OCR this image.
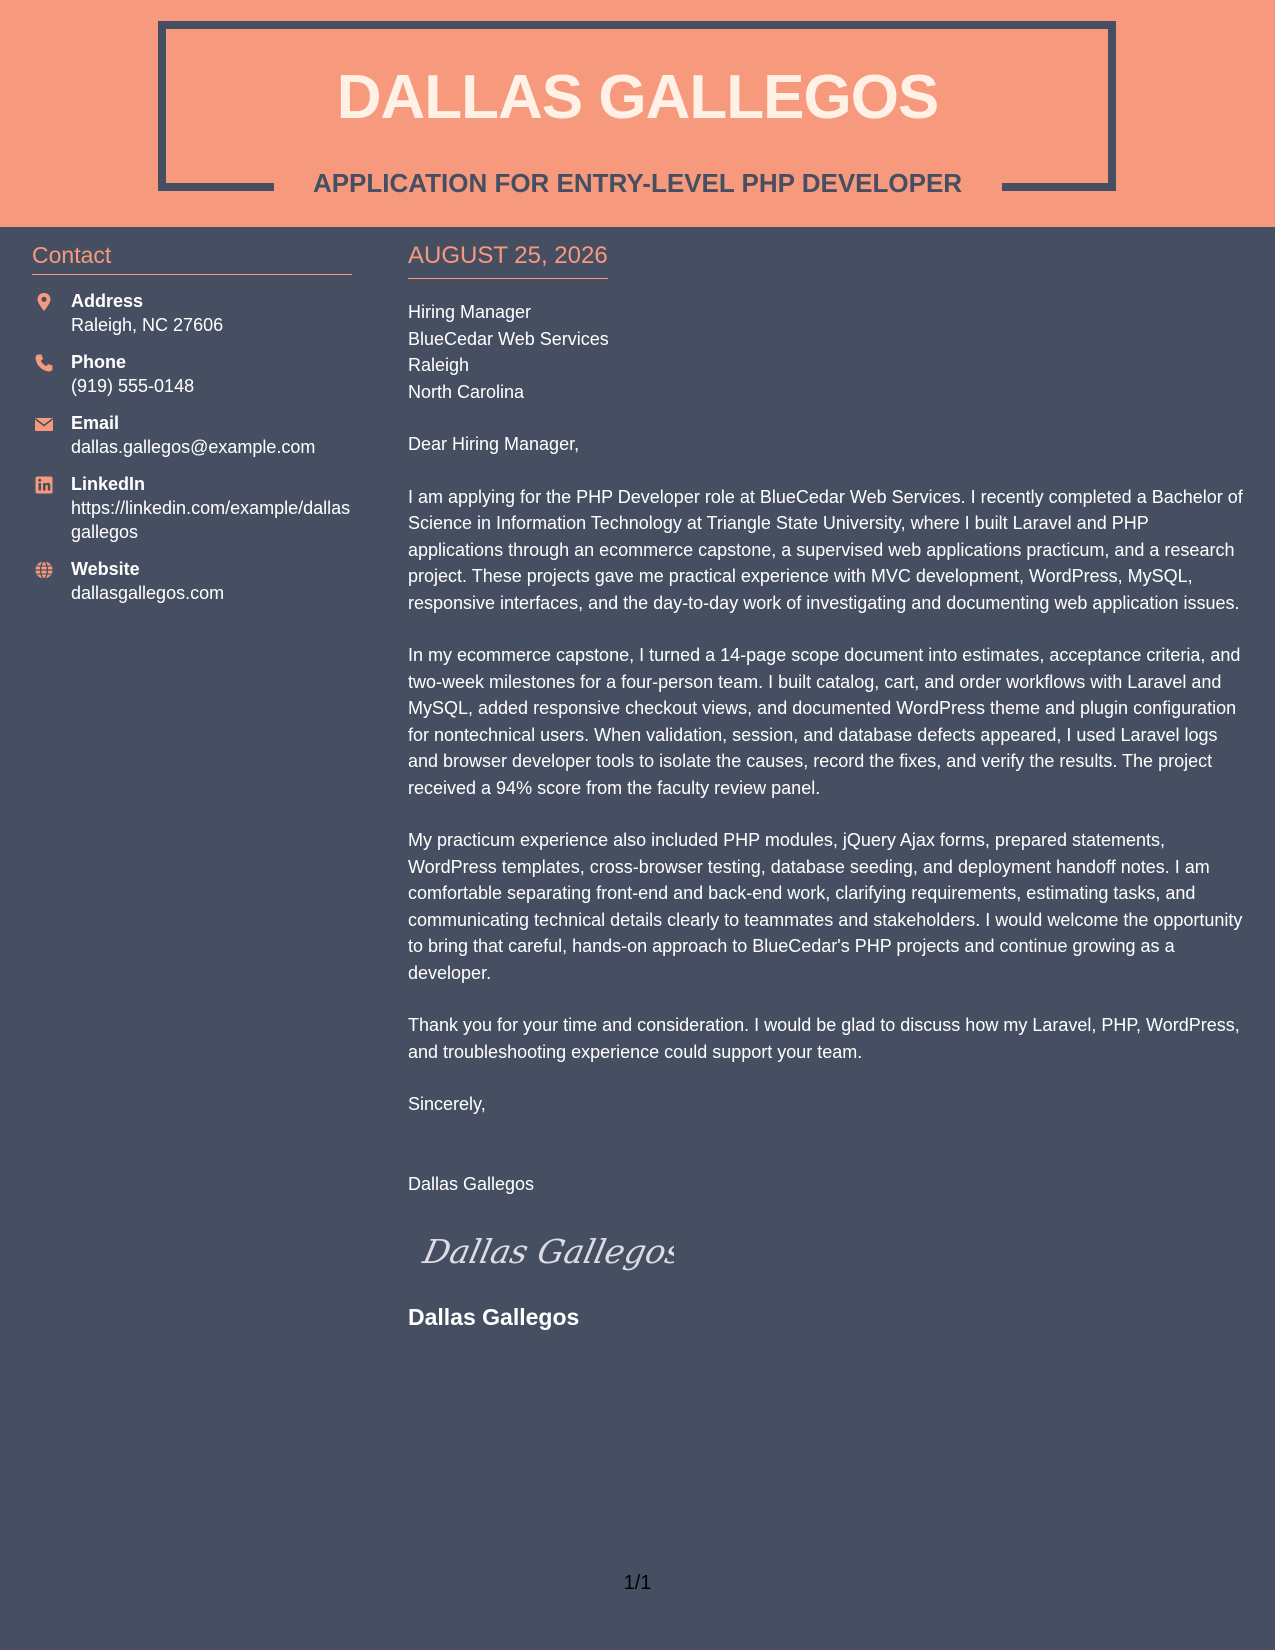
DALLAS GALLEGOS
APPLICATION FOR ENTRY-LEVEL PHP DEVELOPER
Contact
Address
Raleigh, NC 27606
Phone
(919) 555-0148
Email
dallas.gallegos@example.com
LinkedIn
https://linkedin.com/example/dallasgallegos
Website
dallasgallegos.com
AUGUST 25, 2026
Hiring Manager
BlueCedar Web Services
Raleigh
North Carolina

Dear Hiring Manager,

I am applying for the PHP Developer role at BlueCedar Web Services. I recently completed a Bachelor of Science in Information Technology at Triangle State University, where I built Laravel and PHP applications through an ecommerce capstone, a supervised web applications practicum, and a research project. These projects gave me practical experience with MVC development, WordPress, MySQL, responsive interfaces, and the day-to-day work of investigating and documenting web application issues.

In my ecommerce capstone, I turned a 14-page scope document into estimates, acceptance criteria, and two-week milestones for a four-person team. I built catalog, cart, and order workflows with Laravel and MySQL, added responsive checkout views, and documented WordPress theme and plugin configuration for nontechnical users. When validation, session, and database defects appeared, I used Laravel logs and browser developer tools to isolate the causes, record the fixes, and verify the results. The project received a 94% score from the faculty review panel.

My practicum experience also included PHP modules, jQuery Ajax forms, prepared statements, WordPress templates, cross-browser testing, database seeding, and deployment handoff notes. I am comfortable separating front-end and back-end work, clarifying requirements, estimating tasks, and communicating technical details clearly to teammates and stakeholders. I would welcome the opportunity to bring that careful, hands-on approach to BlueCedar's PHP projects and continue growing as a developer.

Thank you for your time and consideration. I would be glad to discuss how my Laravel, PHP, WordPress, and troubleshooting experience could support your team.

Sincerely,
Dallas Gallegos
Dallas Gallegos
Dallas Gallegos
1/1
